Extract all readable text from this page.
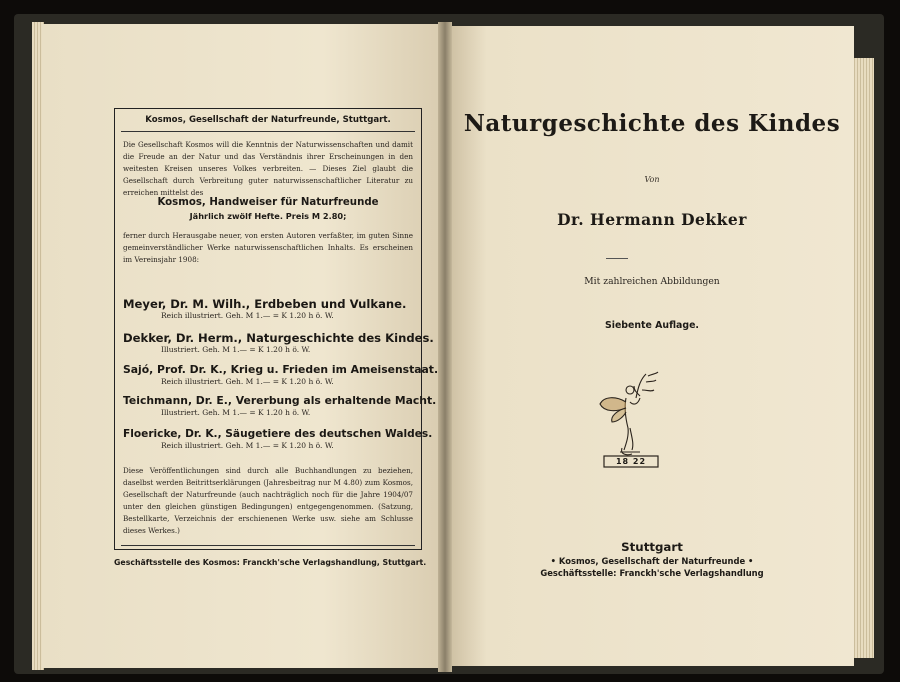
Kosmos, Gesellschaft der Naturfreunde, Stuttgart.
Die Gesellschaft Kosmos will die Kenntnis der Naturwissenschaften und damit die Freude an der Natur und das Verständnis ihrer Erscheinungen in den weitesten Kreisen unseres Volkes verbreiten. — Dieses Ziel glaubt die Gesellschaft durch Verbreitung guter naturwissenschaftlicher Literatur zu erreichen mittelst des
Kosmos, Handweiser für Naturfreunde
Jährlich zwölf Hefte. Preis M 2.80;
ferner durch Herausgabe neuer, von ersten Autoren verfaßter, im guten Sinne gemeinverständlicher Werke naturwissenschaftlichen Inhalts. Es erscheinen im Vereinsjahr 1908:
Meyer, Dr. M. Wilh., Erdbeben und Vulkane.
Reich illustriert. Geh. M 1.— = K 1.20 h ö. W.
Dekker, Dr. Herm., Naturgeschichte des Kindes.
Illustriert. Geh. M 1.— = K 1.20 h ö. W.
Sajó, Prof. Dr. K., Krieg u. Frieden im Ameisenstaat.
Reich illustriert. Geh. M 1.— = K 1.20 h ö. W.
Teichmann, Dr. E., Vererbung als erhaltende Macht.
Illustriert. Geh. M 1.— = K 1.20 h ö. W.
Floericke, Dr. K., Säugetiere des deutschen Waldes.
Reich illustriert. Geh. M 1.— = K 1.20 h ö. W.
Diese Veröffentlichungen sind durch alle Buchhandlungen zu beziehen, daselbst werden Beitrittserklärungen (Jahresbeitrag nur M 4.80) zum Kosmos, Gesellschaft der Naturfreunde (auch nachträglich noch für die Jahre 1904/07 unter den gleichen günstigen Bedingungen) entgegengenommen. (Satzung, Bestellkarte, Verzeichnis der erschienenen Werke usw. siehe am Schlusse dieses Werkes.)
Geschäftsstelle des Kosmos: Franckh'sche Verlagshandlung, Stuttgart.
Naturgeschichte des Kindes
Von
Dr. Hermann Dekker
Mit zahlreichen Abbildungen
Siebente Auflage.
18 22
Stuttgart
• Kosmos, Gesellschaft der Naturfreunde •
Geschäftsstelle: Franckh'sche Verlagshandlung
